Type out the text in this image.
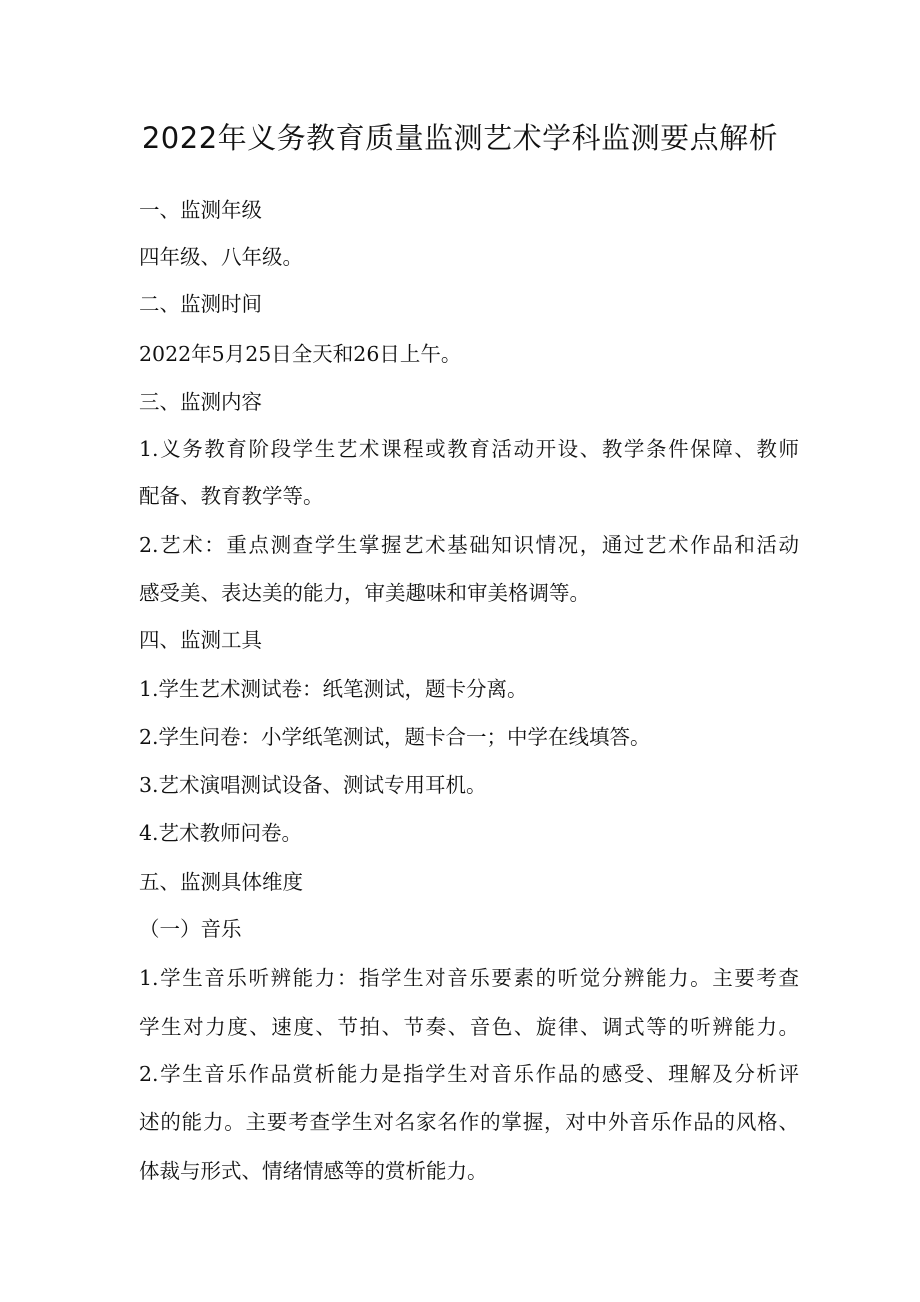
2022年义务教育质量监测艺术学科监测要点解析
一、监测年级
四年级、八年级。
二、监测时间
2022年5月25日全天和26日上午。
三、监测内容
1.义务教育阶段学生艺术课程或教育活动开设、教学条件保障、教师
配备、教育教学等。
2.艺术：重点测查学生掌握艺术基础知识情况，通过艺术作品和活动
感受美、表达美的能力，审美趣味和审美格调等。
四、监测工具
1.学生艺术测试卷：纸笔测试，题卡分离。
2.学生问卷：小学纸笔测试，题卡合一；中学在线填答。
3.艺术演唱测试设备、测试专用耳机。
4.艺术教师问卷。
五、监测具体维度
（一）音乐
1.学生音乐听辨能力：指学生对音乐要素的听觉分辨能力。主要考查
学生对力度、速度、节拍、节奏、音色、旋律、调式等的听辨能力。
2.学生音乐作品赏析能力是指学生对音乐作品的感受、理解及分析评
述的能力。主要考查学生对名家名作的掌握，对中外音乐作品的风格、
体裁与形式、情绪情感等的赏析能力。
